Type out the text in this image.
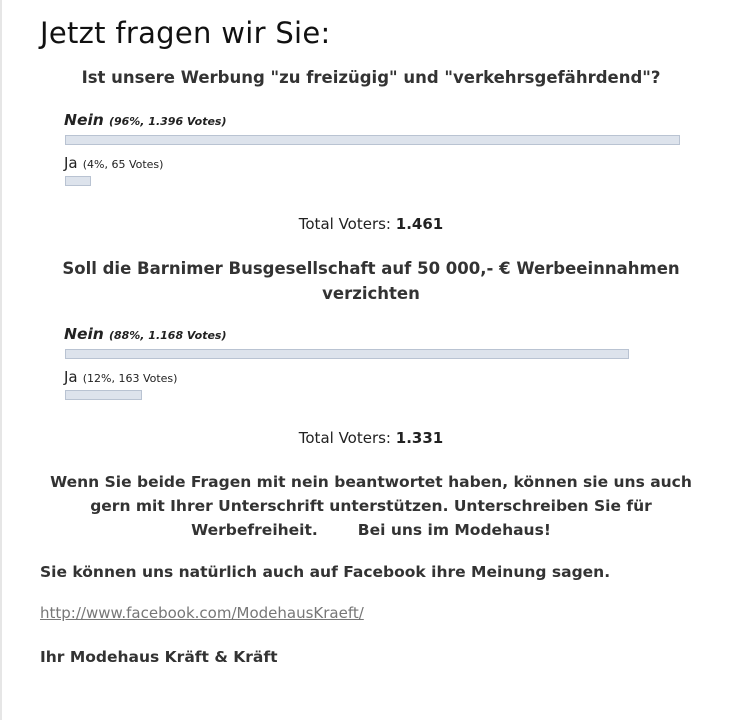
Jetzt fragen wir Sie:
Ist unsere Werbung "zu freizügig" und "verkehrsgefährdend"?
Nein (96%, 1.396 Votes)
Ja (4%, 65 Votes)
Total Voters: 1.461
Soll die Barnimer Busgesellschaft auf 50 000,- € Werbeeinnahmen verzichten
Nein (88%, 1.168 Votes)
Ja (12%, 163 Votes)
Total Voters: 1.331
Wenn Sie beide Fragen mit nein beantwortet haben, können sie uns auch gern mit Ihrer Unterschrift unterstützen. Unterschreiben Sie für Werbefreiheit.	Bei uns im Modehaus!
Sie können uns natürlich auch auf Facebook ihre Meinung sagen.
http://www.facebook.com/ModehausKraeft/
Ihr Modehaus Kräft & Kräft
